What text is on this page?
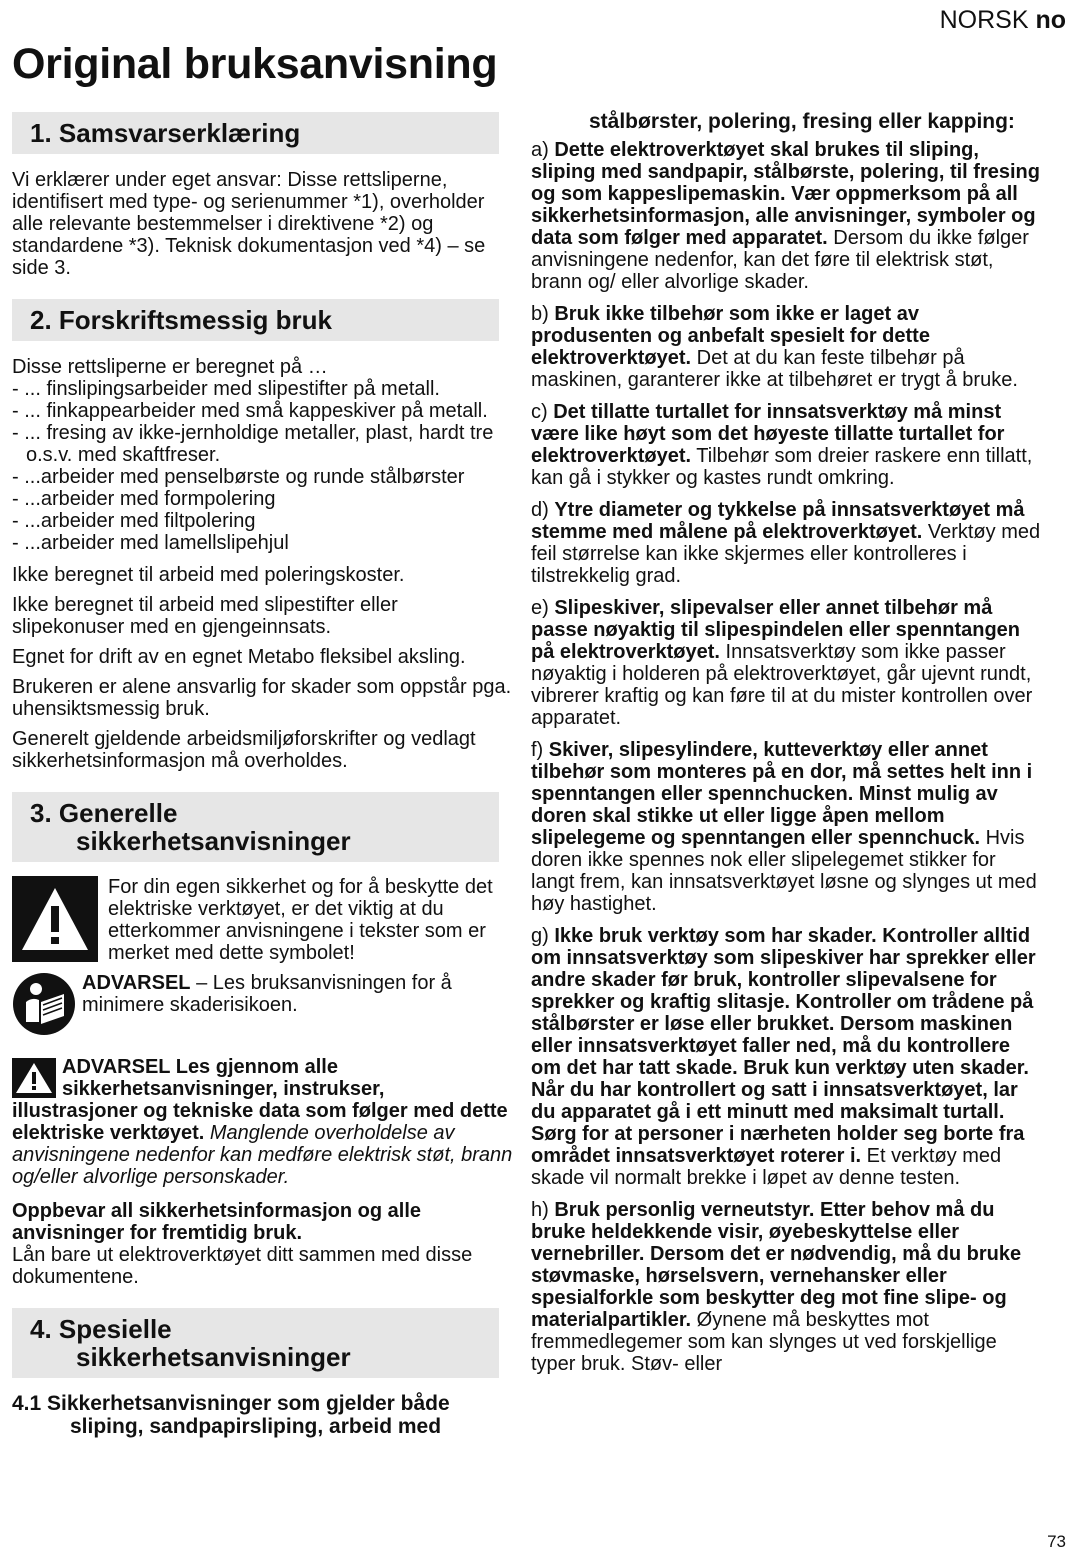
NORSK no
Original bruksanvisning
1. Samsvarserklæring

Vi erklærer under eget ansvar: Disse rettsliperne, identifisert med type- og serienummer *1), overholder alle relevante bestemmelser i direktivene *2) og standardene *3). Teknisk dokumentasjon ved *4) – se side 3.

2. Forskriftsmessig bruk

Disse rettsliperne er beregnet på …

- ... finslipingsarbeider med slipestifter på metall.
- ... finkappearbeider med små kappeskiver på metall.
- ... fresing av ikke-jernholdige metaller, plast, hardt tre o.s.v. med skaftfreser.
- ...arbeider med penselbørste og runde stålbørster
- ...arbeider med formpolering
- ...arbeider med filtpolering
- ...arbeider med lamellslipehjul

Ikke beregnet til arbeid med poleringskoster.

Ikke beregnet til arbeid med slipestifter eller slipekonuser med en gjengeinnsats.

Egnet for drift av en egnet Metabo fleksibel aksling.

Brukeren er alene ansvarlig for skader som oppstår pga. uhensiktsmessig bruk.

Generelt gjeldende arbeidsmiljøforskrifter og vedlagt sikkerhetsinformasjon må overholdes.

3. Generelle
sikkerhetsanvisninger

For din egen sikkerhet og for å beskytte det elektriske verktøyet, er det viktig at du etterkommer anvisningene i tekster som er merket med dette symbolet!

ADVARSEL – Les bruksanvisningen for å minimere skaderisikoen.

ADVARSEL Les gjennom alle sikkerhetsanvisninger, instrukser, illustrasjoner og tekniske data som følger med dette elektriske verktøyet. Manglende overholdelse av anvisningene nedenfor kan medføre elektrisk støt, brann og/eller alvorlige personskader.

Oppbevar all sikkerhetsinformasjon og alle anvisninger for fremtidig bruk.

Lån bare ut elektroverktøyet ditt sammen med disse dokumentene.

4. Spesielle
sikkerhetsanvisninger
4.1 Sikkerhetsanvisninger som gjelder både sliping, sandpapirsliping, arbeid med
stålbørster, polering, fresing eller kapping:

a) Dette elektroverktøyet skal brukes til sliping, sliping med sandpapir, stålbørste, polering, til fresing og som kappeslipemaskin. Vær oppmerksom på all sikkerhetsinformasjon, alle anvisninger, symboler og data som følger med apparatet. Dersom du ikke følger anvisningene nedenfor, kan det føre til elektrisk støt, brann og/ eller alvorlige skader.

b) Bruk ikke tilbehør som ikke er laget av produsenten og anbefalt spesielt for dette elektroverktøyet. Det at du kan feste tilbehør på maskinen, garanterer ikke at tilbehøret er trygt å bruke.

c) Det tillatte turtallet for innsatsverktøy må minst være like høyt som det høyeste tillatte turtallet for elektroverktøyet. Tilbehør som dreier raskere enn tillatt, kan gå i stykker og kastes rundt omkring.

d) Ytre diameter og tykkelse på innsatsverktøyet må stemme med målene på elektroverktøyet. Verktøy med feil størrelse kan ikke skjermes eller kontrolleres i tilstrekkelig grad.

e) Slipeskiver, slipevalser eller annet tilbehør må passe nøyaktig til slipespindelen eller spenntangen på elektroverktøyet. Innsatsverktøy som ikke passer nøyaktig i holderen på elektroverktøyet, går ujevnt rundt, vibrerer kraftig og kan føre til at du mister kontrollen over apparatet.

f) Skiver, slipesylindere, kutteverktøy eller annet tilbehør som monteres på en dor, må settes helt inn i spenntangen eller spennchucken. Minst mulig av doren skal stikke ut eller ligge åpen mellom slipelegeme og spenntangen eller spennchuck. Hvis doren ikke spennes nok eller slipelegemet stikker for langt frem, kan innsatsverktøyet løsne og slynges ut med høy hastighet.

g) Ikke bruk verktøy som har skader. Kontroller alltid om innsatsverktøy som slipeskiver har sprekker eller andre skader før bruk, kontroller slipevalsene for sprekker og kraftig slitasje. Kontroller om trådene på stålbørster er løse eller brukket. Dersom maskinen eller innsatsverktøyet faller ned, må du kontrollere om det har tatt skade. Bruk kun verktøy uten skader. Når du har kontrollert og satt i innsatsverktøyet, lar du apparatet gå i ett minutt med maksimalt turtall. Sørg for at personer i nærheten holder seg borte fra området innsatsverktøyet roterer i. Et verktøy med skade vil normalt brekke i løpet av denne testen.

h) Bruk personlig verneutstyr. Etter behov må du bruke heldekkende visir, øyebeskyttelse eller vernebriller. Dersom det er nødvendig, må du bruke støvmaske, hørselsvern, vernehansker eller spesialforkle som beskytter deg mot fine slipe- og materialpartikler. Øynene må beskyttes mot fremmedlegemer som kan slynges ut ved forskjellige typer bruk. Støv- eller

73
